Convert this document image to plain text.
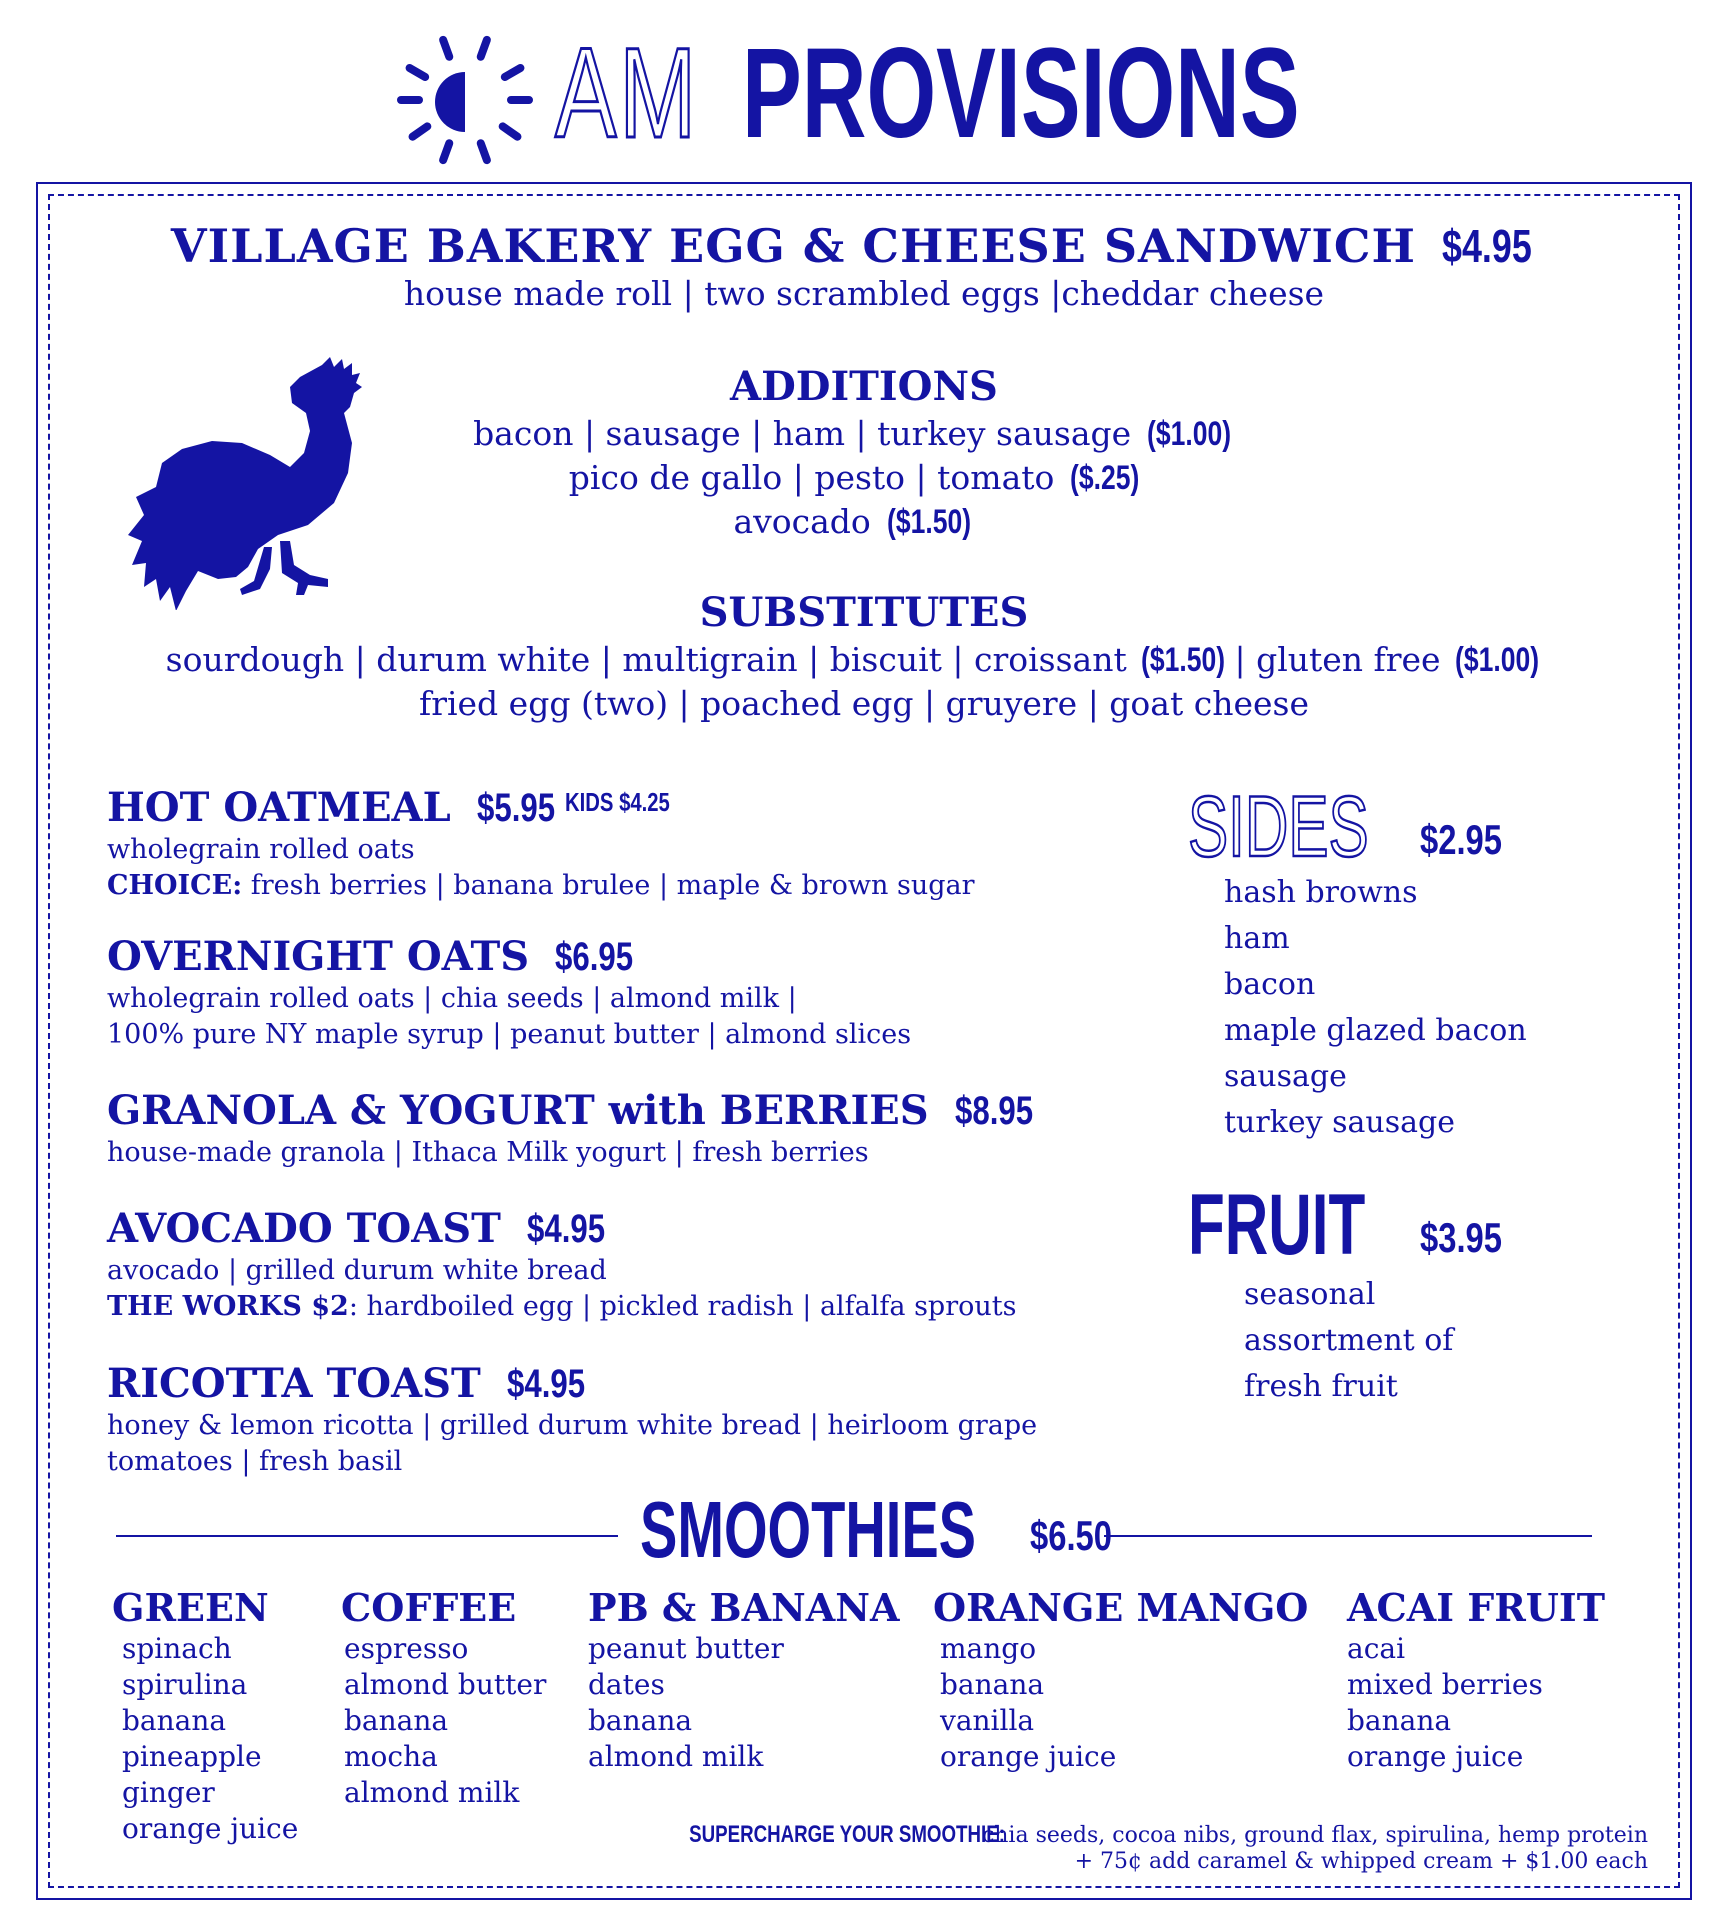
AM PROVISIONS
VILLAGE BAKERY EGG & CHEESE SANDWICH $4.95
house made roll | two scrambled eggs |cheddar cheese
ADDITIONS
bacon | sausage | ham | turkey sausage ($1.00)
pico de gallo | pesto | tomato ($.25)
avocado ($1.50)
SUBSTITUTES
sourdough | durum white | multigrain | biscuit | croissant ($1.50) | gluten free ($1.00)
fried egg (two) | poached egg | gruyere | goat cheese
HOT OATMEAL $5.95 KIDS $4.25
wholegrain rolled oats
CHOICE: fresh berries | banana brulee | maple & brown sugar
OVERNIGHT OATS $6.95
wholegrain rolled oats | chia seeds | almond milk |
100% pure NY maple syrup | peanut butter | almond slices
GRANOLA & YOGURT with BERRIES $8.95
house-made granola | Ithaca Milk yogurt | fresh berries
AVOCADO TOAST $4.95
avocado | grilled durum white bread
THE WORKS $2: hardboiled egg | pickled radish | alfalfa sprouts
RICOTTA TOAST $4.95
honey & lemon ricotta | grilled durum white bread | heirloom grape
tomatoes | fresh basil
SIDES $2.95
hash browns
ham
bacon
maple glazed bacon
sausage
turkey sausage
FRUIT $3.95
seasonal
assortment of
fresh fruit
SMOOTHIES $6.50
GREEN
spinach
spirulina
banana
pineapple
ginger
orange juice
COFFEE
espresso
almond butter
banana
mocha
almond milk
PB & BANANA
peanut butter
dates
banana
almond milk
ORANGE MANGO
mango
banana
vanilla
orange juice
ACAI FRUIT
acai
mixed berries
banana
orange juice
SUPERCHARGE YOUR SMOOTHIE: chia seeds, cocoa nibs, ground flax, spirulina, hemp protein
+ 75¢ add caramel & whipped cream + $1.00 each
